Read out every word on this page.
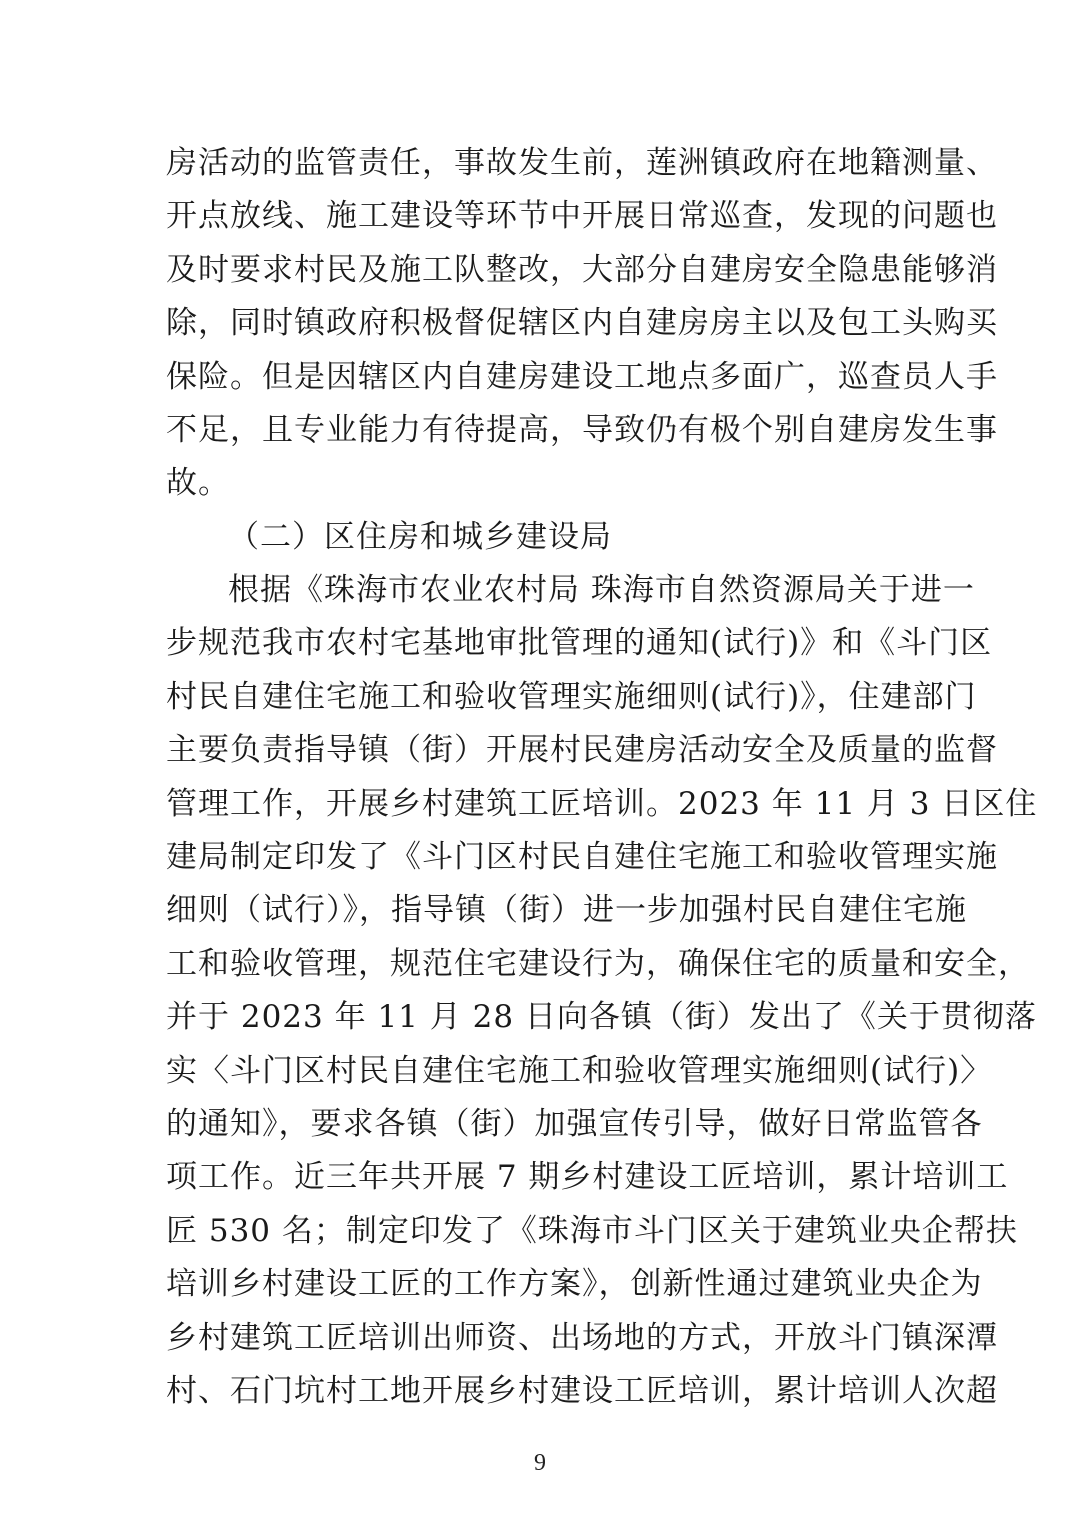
房活动的监管责任，事故发生前，莲洲镇政府在地籍测量、
开点放线、施工建设等环节中开展日常巡查，发现的问题也
及时要求村民及施工队整改，大部分自建房安全隐患能够消
除，同时镇政府积极督促辖区内自建房房主以及包工头购买
保险。但是因辖区内自建房建设工地点多面广，巡查员人手
不足，且专业能力有待提高，导致仍有极个别自建房发生事
故。
（二）区住房和城乡建设局
根据《珠海市农业农村局 珠海市自然资源局关于进一
步规范我市农村宅基地审批管理的通知(试行)》和《斗门区
村民自建住宅施工和验收管理实施细则(试行)》，住建部门
主要负责指导镇（街）开展村民建房活动安全及质量的监督
管理工作，开展乡村建筑工匠培训。2023 年 11 月 3 日区住
建局制定印发了《斗门区村民自建住宅施工和验收管理实施
细则（试行）》，指导镇（街）进一步加强村民自建住宅施
工和验收管理，规范住宅建设行为，确保住宅的质量和安全，
并于 2023 年 11 月 28 日向各镇（街）发出了《关于贯彻落
实〈斗门区村民自建住宅施工和验收管理实施细则(试行)〉
的通知》，要求各镇（街）加强宣传引导，做好日常监管各
项工作。近三年共开展 7 期乡村建设工匠培训，累计培训工
匠 530 名；制定印发了《珠海市斗门区关于建筑业央企帮扶
培训乡村建设工匠的工作方案》，创新性通过建筑业央企为
乡村建筑工匠培训出师资、出场地的方式，开放斗门镇深潭
村、石门坑村工地开展乡村建设工匠培训，累计培训人次超
9
